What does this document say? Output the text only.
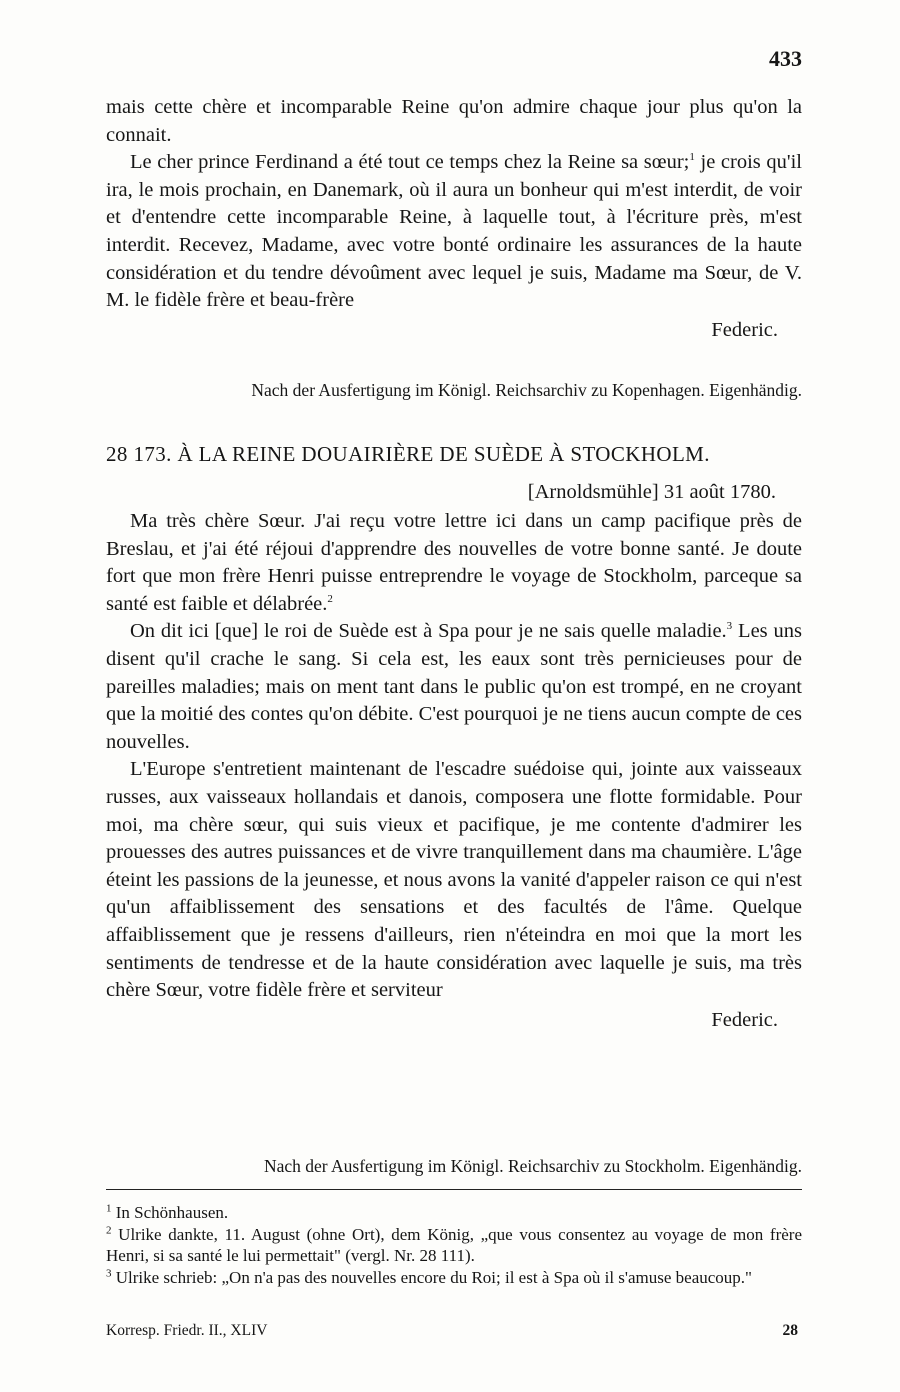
433

mais cette chère et incomparable Reine qu'on admire chaque jour plus qu'on la connait.

Le cher prince Ferdinand a été tout ce temps chez la Reine sa sœur;$^1$ je crois qu'il ira, le mois prochain, en Danemark, où il aura un bonheur qui m'est interdit, de voir et d'entendre cette incomparable Reine, à laquelle tout, à l'écriture près, m'est interdit. Recevez, Madame, avec votre bonté ordinaire les assurances de la haute considération et du tendre dévoûment avec lequel je suis, Madame ma Sœur, de V. M. le fidèle frère et beau-frère

Federic.

Nach der Ausfertigung im Königl. Reichsarchiv zu Kopenhagen. Eigenhändig.
28 173. À LA REINE DOUAIRIÈRE DE SUÈDE À STOCKHOLM.
[Arnoldsmühle] 31 août 1780.

Ma très chère Sœur. J'ai reçu votre lettre ici dans un camp pacifique près de Breslau, et j'ai été réjoui d'apprendre des nouvelles de votre bonne santé. Je doute fort que mon frère Henri puisse entreprendre le voyage de Stockholm, parceque sa santé est faible et délabrée.$^2$

On dit ici [que] le roi de Suède est à Spa pour je ne sais quelle maladie.$^3$ Les uns disent qu'il crache le sang. Si cela est, les eaux sont très pernicieuses pour de pareilles maladies; mais on ment tant dans le public qu'on est trompé, en ne croyant que la moitié des contes qu'on débite. C'est pourquoi je ne tiens aucun compte de ces nouvelles.

L'Europe s'entretient maintenant de l'escadre suédoise qui, jointe aux vaisseaux russes, aux vaisseaux hollandais et danois, composera une flotte formidable. Pour moi, ma chère sœur, qui suis vieux et pacifique, je me contente d'admirer les prouesses des autres puissances et de vivre tranquillement dans ma chaumière. L'âge éteint les passions de la jeunesse, et nous avons la vanité d'appeler raison ce qui n'est qu'un affaiblissement des sensations et des facultés de l'âme. Quelque affaiblissement que je ressens d'ailleurs, rien n'éteindra en moi que la mort les sentiments de tendresse et de la haute considération avec laquelle je suis, ma très chère Sœur, votre fidèle frère et serviteur

Federic.

Nach der Ausfertigung im Königl. Reichsarchiv zu Stockholm. Eigenhändig.

$^1$ In Schönhausen.

$^2$ Ulrike dankte, 11. August (ohne Ort), dem König, „que vous consentez au voyage de mon frère Henri, si sa santé le lui permettait" (vergl. Nr. 28 111).

$^3$ Ulrike schrieb: „On n'a pas des nouvelles encore du Roi; il est à Spa où il s'amuse beaucoup."

Korresp. Friedr. II., XLIV	28
